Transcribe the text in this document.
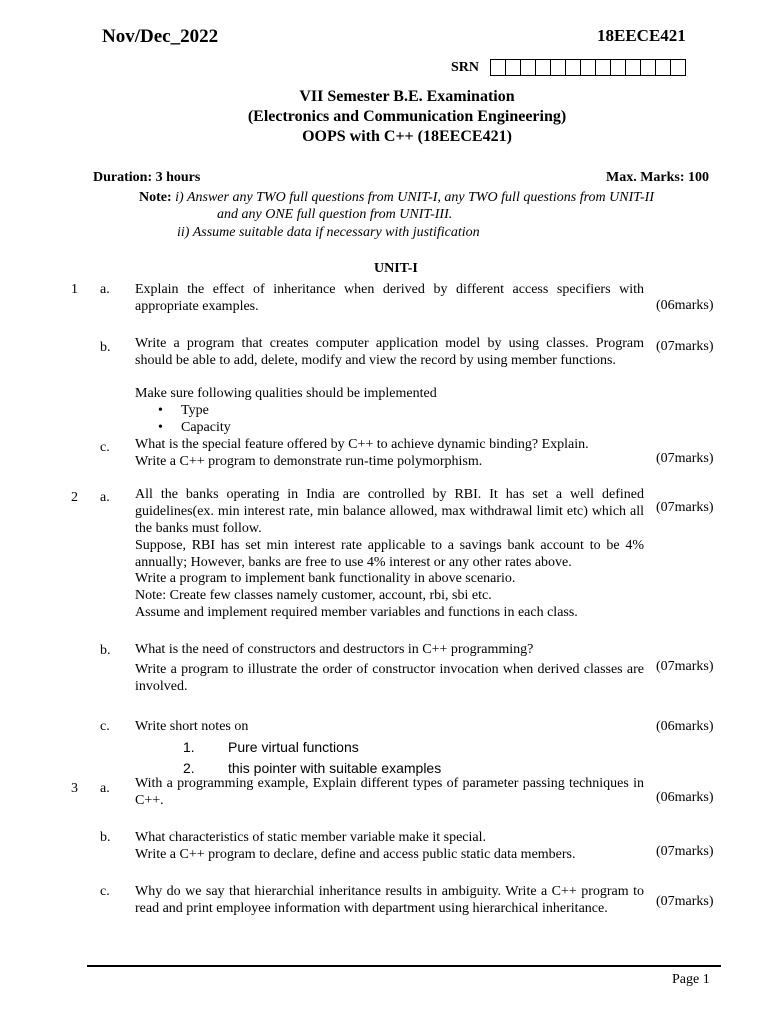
Nov/Dec_2022	18EECE421
SRN
VII Semester B.E. Examination
(Electronics and Communication Engineering)
OOPS with C++ (18EECE421)
Duration: 3 hours	Max. Marks: 100
Note: i) Answer any TWO full questions from UNIT-I, any TWO full questions from UNIT-II
and any ONE full question from UNIT-III.
ii) Assume suitable data if necessary with justification
UNIT-I
1 a. Explain the effect of inheritance when derived by different access specifiers with appropriate examples.	(06marks)
b. Write a program that creates computer application model by using classes. Program should be able to add, delete, modify and view the record by using member functions.
Make sure following qualities should be implemented
• Type
• Capacity
(07marks)
c. What is the special feature offered by C++ to achieve dynamic binding? Explain.
Write a C++ program to demonstrate run-time polymorphism.	(07marks)
2 a. All the banks operating in India are controlled by RBI. It has set a well defined guidelines(ex. min interest rate, min balance allowed, max withdrawal limit etc) which all the banks must follow.
Suppose, RBI has set min interest rate applicable to a savings bank account to be 4% annually; However, banks are free to use 4% interest or any other rates above.
Write a program to implement bank functionality in above scenario.
Note: Create few classes namely customer, account, rbi, sbi etc.
Assume and implement required member variables and functions in each class.
(07marks)
b. What is the need of constructors and destructors in C++ programming?
Write a program to illustrate the order of constructor invocation when derived classes are involved.
(07marks)
c. Write short notes on
1. Pure virtual functions
2. this pointer with suitable examples
(06marks)
3 a. With a programming example, Explain different types of parameter passing techniques in C++.	(06marks)
b. What characteristics of static member variable make it special.
Write a C++ program to declare, define and access public static data members.	(07marks)
c. Why do we say that hierarchial inheritance results in ambiguity. Write a C++ program to read and print employee information with department using hierarchical inheritance.	(07marks)
Page 1
